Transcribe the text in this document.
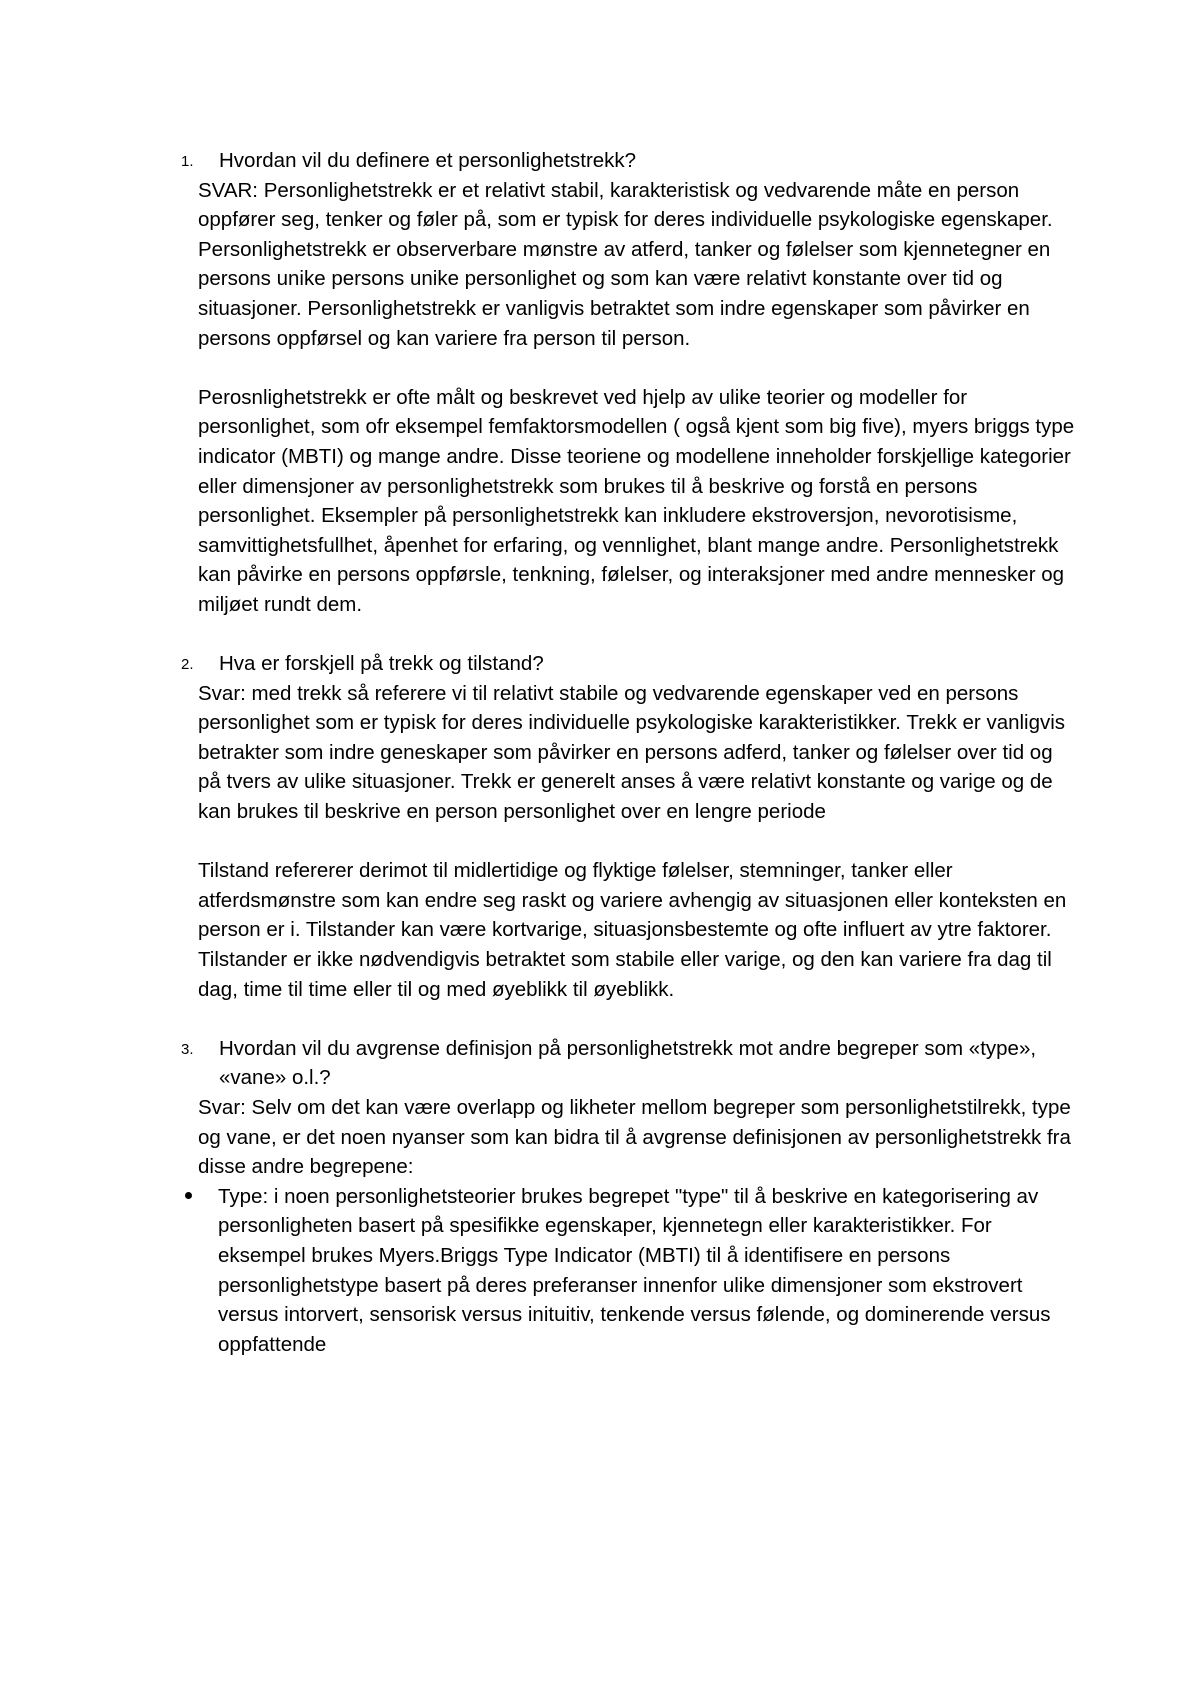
1. Hvordan vil du definere et personlighetstrekk?

SVAR: Personlighetstrekk er et relativt stabil, karakteristisk og vedvarende måte en person oppfører seg, tenker og føler på, som er typisk for deres individuelle psykologiske egenskaper. Personlighetstrekk er observerbare mønstre av atferd, tanker og følelser som kjennetegner en persons unike persons unike personlighet og som kan være relativt konstante over tid og situasjoner. Personlighetstrekk er vanligvis betraktet som indre egenskaper som påvirker en persons oppførsel og kan variere fra person til person.

Perosnlighetstrekk er ofte målt og beskrevet ved hjelp av ulike teorier og modeller for personlighet, som ofr eksempel femfaktorsmodellen ( også kjent som big five), myers briggs type indicator (MBTI) og mange andre. Disse teoriene og modellene inneholder forskjellige kategorier eller dimensjoner av personlighetstrekk som brukes til å beskrive og forstå en persons personlighet. Eksempler på personlighetstrekk kan inkludere ekstroversjon, nevorotisisme, samvittighetsfullhet, åpenhet for erfaring, og vennlighet, blant mange andre. Personlighetstrekk kan påvirke en persons oppførsle, tenkning, følelser, og interaksjoner med andre mennesker og miljøet rundt dem.

2. Hva er forskjell på trekk og tilstand?

Svar: med trekk så referere vi til relativt stabile og vedvarende egenskaper ved en persons personlighet som er typisk for deres individuelle psykologiske karakteristikker. Trekk er vanligvis betrakter som indre geneskaper som påvirker en persons adferd, tanker og følelser over tid og på tvers av ulike situasjoner. Trekk er generelt anses å være relativt konstante og varige og de kan brukes til beskrive en person personlighet over en lengre periode

Tilstand refererer derimot til midlertidige og flyktige følelser, stemninger, tanker eller atferdsmønstre som kan endre seg raskt og variere avhengig av situasjonen eller konteksten en person er i. Tilstander kan være kortvarige, situasjonsbestemte og ofte influert av ytre faktorer. Tilstander er ikke nødvendigvis betraktet som stabile eller varige, og den kan variere fra dag til dag, time til time eller til og med øyeblikk til øyeblikk.

3. Hvordan vil du avgrense definisjon på personlighetstrekk mot andre begreper som «type», «vane» o.l.?

Svar: Selv om det kan være overlapp og likheter mellom begreper som personlighetstilrekk, type og vane, er det noen nyanser som kan bidra til å avgrense definisjonen av personlighetstrekk fra disse andre begrepene:

Type: i noen personlighetsteorier brukes begrepet "type" til å beskrive en kategorisering av personligheten basert på spesifikke egenskaper, kjennetegn eller karakteristikker. For eksempel brukes Myers.Briggs Type Indicator (MBTI) til å identifisere en persons personlighetstype basert på deres preferanser innenfor ulike dimensjoner som ekstrovert versus intorvert, sensorisk versus inituitiv, tenkende versus følende, og dominerende versus oppfattende
